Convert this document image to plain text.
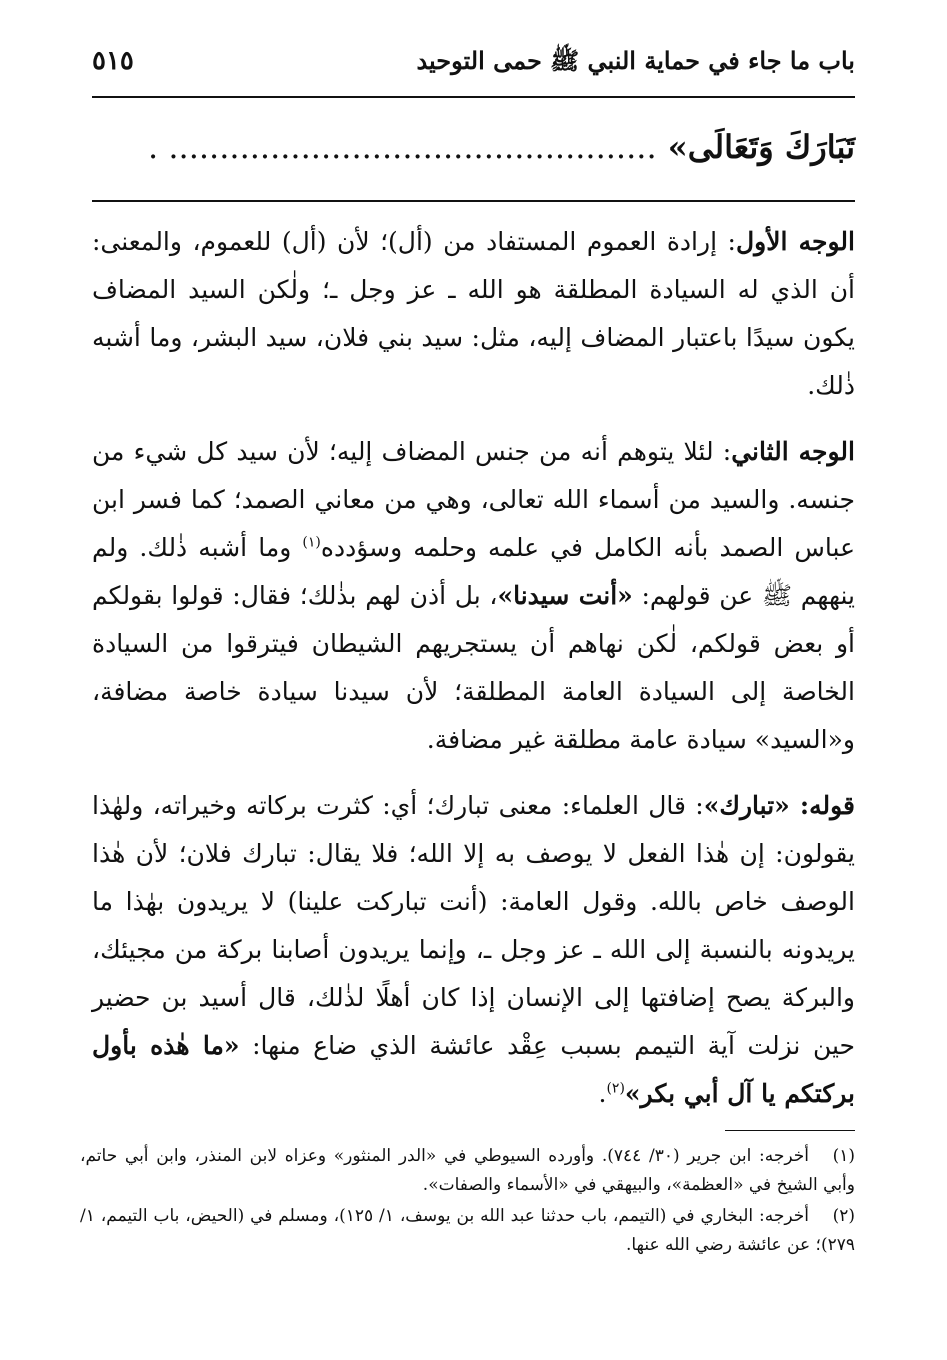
٥١٥	باب ما جاء في حماية النبي ﷺ حمى التوحيد
تَبَارَكَ وَتَعَالَى» ................................................ .

الوجه الأول: إرادة العموم المستفاد من (أل)؛ لأن (أل) للعموم، والمعنى: أن الذي له السيادة المطلقة هو الله ـ عز وجل ـ؛ ولٰكن السيد المضاف يكون سيدًا باعتبار المضاف إليه، مثل: سيد بني فلان، سيد البشر، وما أشبه ذٰلك.

الوجه الثاني: لئلا يتوهم أنه من جنس المضاف إليه؛ لأن سيد كل شيء من جنسه. والسيد من أسماء الله تعالى، وهي من معاني الصمد؛ كما فسر ابن عباس الصمد بأنه الكامل في علمه وحلمه وسؤدده$^{(١)}$ وما أشبه ذٰلك. ولم ينههم ﷺ عن قولهم: «أنت سيدنا»، بل أذن لهم بذٰلك؛ فقال: قولوا بقولكم أو بعض قولكم، لٰكن نهاهم أن يستجريهم الشيطان فيترقوا من السيادة الخاصة إلى السيادة العامة المطلقة؛ لأن سيدنا سيادة خاصة مضافة، و«السيد» سيادة عامة مطلقة غير مضافة.

قوله: «تبارك»: قال العلماء: معنى تبارك؛ أي: كثرت بركاته وخيراته، ولهٰذا يقولون: إن هٰذا الفعل لا يوصف به إلا الله؛ فلا يقال: تبارك فلان؛ لأن هٰذا الوصف خاص بالله. وقول العامة: (أنت تباركت علينا) لا يريدون بهٰذا ما يريدونه بالنسبة إلى الله ـ عز وجل ـ، وإنما يريدون أصابنا بركة من مجيئك، والبركة يصح إضافتها إلى الإنسان إذا كان أهلًا لذٰلك، قال أسيد بن حضير حين نزلت آية التيمم بسبب عِقْد عائشة الذي ضاع منها: «ما هٰذه بأول بركتكم يا آل أبي بكر»$^{(٢)}$.

(١)أخرجه: ابن جرير (٣٠/ ٧٤٤). وأورده السيوطي في «الدر المنثور» وعزاه لابن المنذر، وابن أبي حاتم، وأبي الشيخ في «العظمة»، والبيهقي في «الأسماء والصفات».
(٢)أخرجه: البخاري في (التيمم، باب حدثنا عبد الله بن يوسف، ١/ ١٢٥)، ومسلم في (الحيض، باب التيمم، ١/ ٢٧٩)؛ عن عائشة رضي الله عنها.
